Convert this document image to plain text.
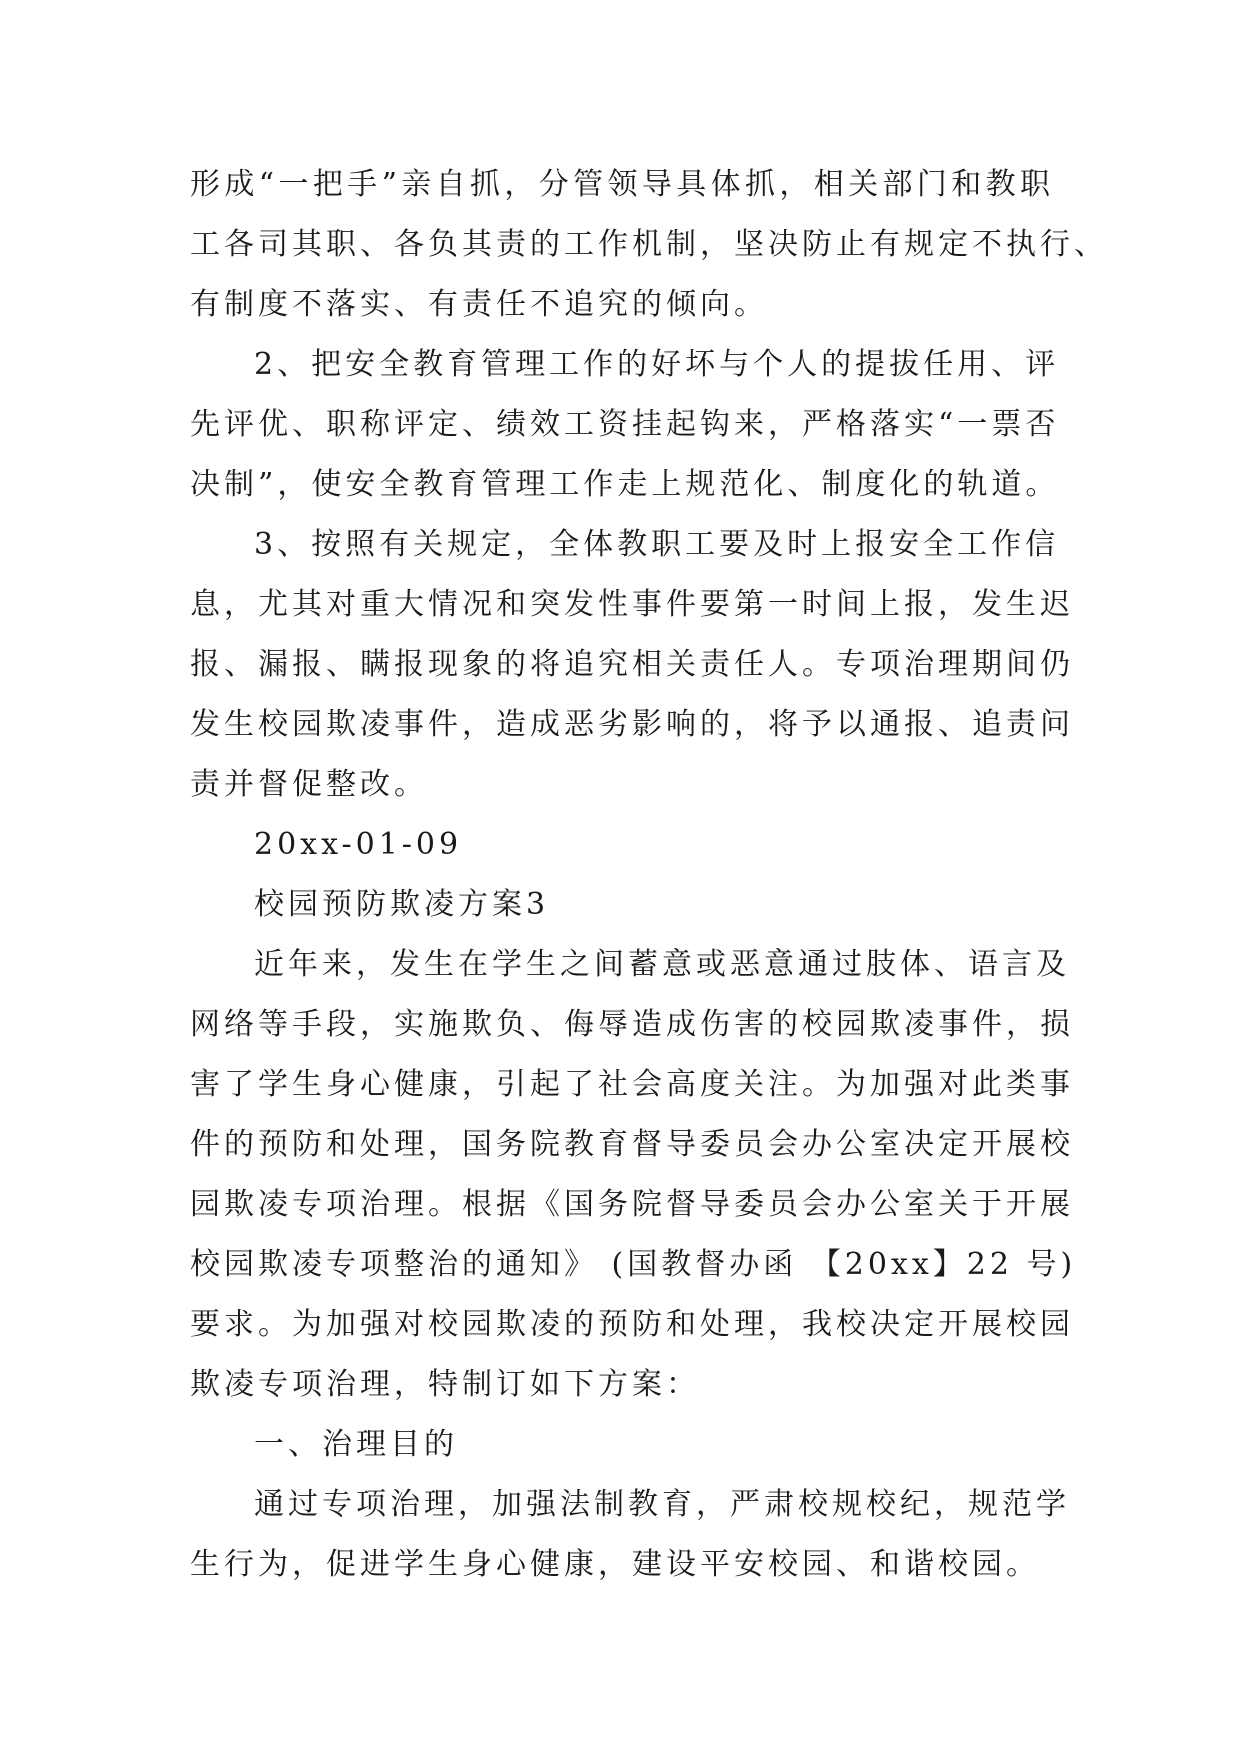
形成“一把手”亲自抓，分管领导具体抓，相关部门和教职
工各司其职、各负其责的工作机制，坚决防止有规定不执行、
有制度不落实、有责任不追究的倾向。
2、把安全教育管理工作的好坏与个人的提拔任用、评
先评优、职称评定、绩效工资挂起钩来，严格落实“一票否
决制”，使安全教育管理工作走上规范化、制度化的轨道。
3、按照有关规定，全体教职工要及时上报安全工作信
息，尤其对重大情况和突发性事件要第一时间上报，发生迟
报、漏报、瞒报现象的将追究相关责任人。专项治理期间仍
发生校园欺凌事件，造成恶劣影响的，将予以通报、追责问
责并督促整改。
20xx-01-09
校园预防欺凌方案3
近年来，发生在学生之间蓄意或恶意通过肢体、语言及
网络等手段，实施欺负、侮辱造成伤害的校园欺凌事件，损
害了学生身心健康，引起了社会高度关注。为加强对此类事
件的预防和处理，国务院教育督导委员会办公室决定开展校
园欺凌专项治理。根据《国务院督导委员会办公室关于开展
校园欺凌专项整治的通知》 (国教督办函 【20xx】22 号)
要求。为加强对校园欺凌的预防和处理，我校决定开展校园
欺凌专项治理，特制订如下方案：
一、治理目的
通过专项治理，加强法制教育，严肃校规校纪，规范学
生行为，促进学生身心健康，建设平安校园、和谐校园。
